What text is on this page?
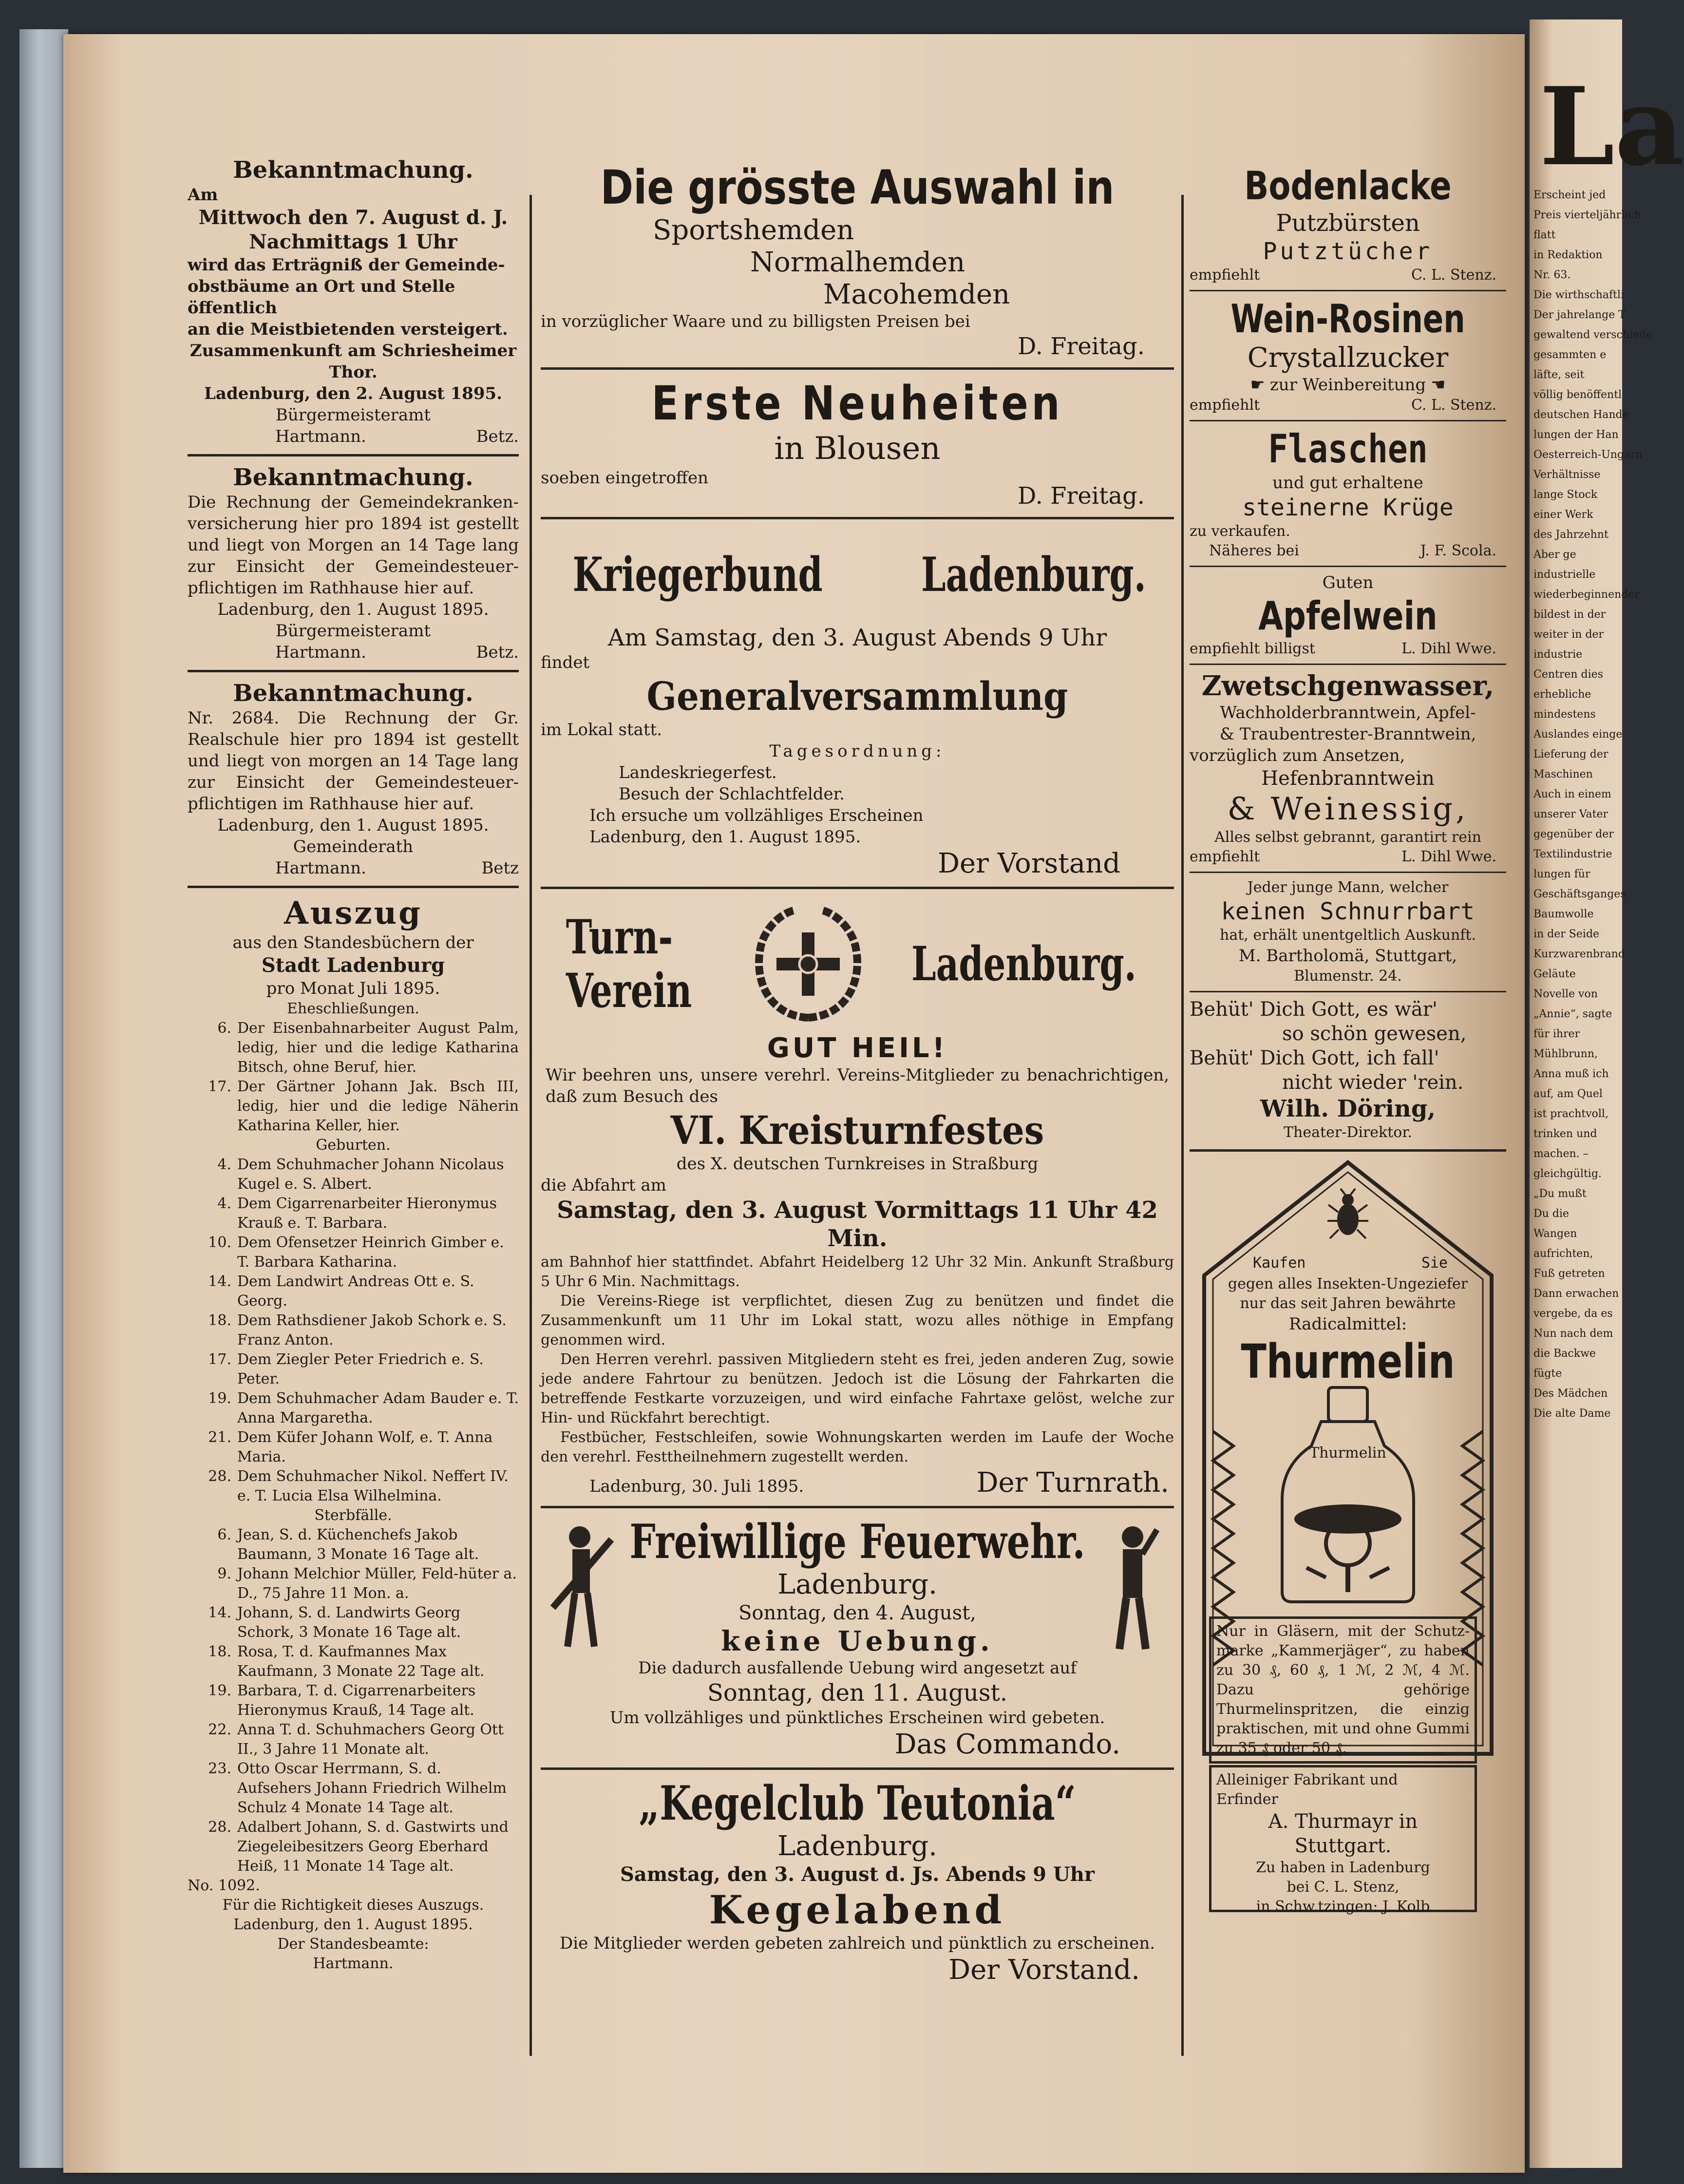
Bekanntmachung.

Am

Mittwoch den 7. August d. J.

Nachmittags 1 Uhr

wird das Erträgniß der Gemeinde-

obstbäume an Ort und Stelle öffentlich

an die Meistbietenden versteigert.

Zusammenkunft am Schriesheimer Thor.

Ladenburg, den 2. August 1895.

Bürgermeisteramt

Hartmann.	Betz.

Bekanntmachung.

Die Rechnung der Gemeindekranken-versicherung hier pro 1894 ist gestellt und liegt von Morgen an 14 Tage lang zur Einsicht der Gemeindesteuer-pflichtigen im Rathhause hier auf.

Ladenburg, den 1. August 1895.

Bürgermeisteramt

Hartmann.	Betz.

Bekanntmachung.

Nr. 2684. Die Rechnung der Gr. Realschule hier pro 1894 ist gestellt und liegt von morgen an 14 Tage lang zur Einsicht der Gemeindesteuer-pflichtigen im Rathhause hier auf.

Ladenburg, den 1. August 1895.

Gemeinderath

Hartmann.	Betz

Auszug

aus den Standesbüchern der

Stadt Ladenburg

pro Monat Juli 1895.

Eheschließungen.

6. Der Eisenbahnarbeiter August Palm, ledig, hier und die ledige Katharina Bitsch, ohne Beruf, hier.
17. Der Gärtner Johann Jak. Bsch III, ledig, hier und die ledige Näherin Katharina Keller, hier.

Geburten.

4. Dem Schuhmacher Johann Nicolaus Kugel e. S. Albert.
4. Dem Cigarrenarbeiter Hieronymus Krauß e. T. Barbara.
10. Dem Ofensetzer Heinrich Gimber e. T. Barbara Katharina.
14. Dem Landwirt Andreas Ott e. S. Georg.
18. Dem Rathsdiener Jakob Schork e. S. Franz Anton.
17. Dem Ziegler Peter Friedrich e. S. Peter.
19. Dem Schuhmacher Adam Bauder e. T. Anna Margaretha.
21. Dem Küfer Johann Wolf, e. T. Anna Maria.
28. Dem Schuhmacher Nikol. Neffert IV. e. T. Lucia Elsa Wilhelmina.

Sterbfälle.

6. Jean, S. d. Küchenchefs Jakob Baumann, 3 Monate 16 Tage alt.
9. Johann Melchior Müller, Feld-hüter a. D., 75 Jahre 11 Mon. a.
14. Johann, S. d. Landwirts Georg Schork, 3 Monate 16 Tage alt.
18. Rosa, T. d. Kaufmannes Max Kaufmann, 3 Monate 22 Tage alt.
19. Barbara, T. d. Cigarrenarbeiters Hieronymus Krauß, 14 Tage alt.
22. Anna T. d. Schuhmachers Georg Ott II., 3 Jahre 11 Monate alt.
23. Otto Oscar Herrmann, S. d. Aufsehers Johann Friedrich Wilhelm Schulz 4 Monate 14 Tage alt.
28. Adalbert Johann, S. d. Gastwirts und Ziegeleibesitzers Georg Eberhard Heiß, 11 Monate 14 Tage alt.

No. 1092.

Für die Richtigkeit dieses Auszugs.

Ladenburg, den 1. August 1895.

Der Standesbeamte:

Hartmann.

Die grösste Auswahl in

Sportshemden

Normalhemden

Macohemden

in vorzüglicher Waare und zu billigsten Preisen bei

D. Freitag.

Erste Neuheiten

in Blousen

soeben eingetroffen
D. Freitag.
Kriegerbund Ladenburg.

Am Samstag, den 3. August Abends 9 Uhr

findet

Generalversammlung

im Lokal statt.

Tagesordnung:

Landeskriegerfest.

Besuch der Schlachtfelder.

Ich ersuche um vollzähliges Erscheinen

Ladenburg, den 1. August 1895.

Der Vorstand

Turn-Verein	Ladenburg.

GUT HEIL!

Wir beehren uns, unsere verehrl. Vereins-Mitglieder zu benachrichtigen, daß zum Besuch des

VI. Kreisturnfestes

des X. deutschen Turnkreises in Straßburg

die Abfahrt am

Samstag, den 3. August Vormittags 11 Uhr 42 Min.

am Bahnhof hier stattfindet. Abfahrt Heidelberg 12 Uhr 32 Min. Ankunft Straßburg 5 Uhr 6 Min. Nachmittags.

Die Vereins-Riege ist verpflichtet, diesen Zug zu benützen und findet die Zusammenkunft um 11 Uhr im Lokal statt, wozu alles nöthige in Empfang genommen wird.

Den Herren verehrl. passiven Mitgliedern steht es frei, jeden anderen Zug, sowie jede andere Fahrtour zu benützen. Jedoch ist die Lösung der Fahrkarten die betreffende Festkarte vorzuzeigen, und wird einfache Fahrtaxe gelöst, welche zur Hin- und Rückfahrt berechtigt.

Festbücher, Festschleifen, sowie Wohnungskarten werden im Laufe der Woche den verehrl. Festtheilnehmern zugestellt werden.

Ladenburg, 30. Juli 1895.	Der Turnrath.

Freiwillige Feuerwehr.

Ladenburg.

Sonntag, den 4. August,

keine Uebung.

Die dadurch ausfallende Uebung wird angesetzt auf

Sonntag, den 11. August.

Um vollzähliges und pünktliches Erscheinen wird gebeten.

Das Commando.

„Kegelclub Teutonia“

Ladenburg.

Samstag, den 3. August d. Js. Abends 9 Uhr

Kegelabend

Die Mitglieder werden gebeten zahlreich und pünktlich zu erscheinen.

Der Vorstand.

Bodenlacke

Putzbürsten

Putztücher

empfiehlt	C. L. Stenz.

Wein-Rosinen

Crystallzucker

☛ zur Weinbereitung ☚
empfiehlt	C. L. Stenz.

Flaschen

und gut erhaltene

steinerne Krüge

zu verkaufen.

Näheres bei	J. F. Scola.

Guten

Apfelwein

empfiehlt billigst	L. Dihl Wwe.

Zwetschgenwasser,

Wachholderbranntwein, Apfel-

& Traubentrester-Branntwein,

vorzüglich zum Ansetzen,

Hefenbranntwein

& Weinessig,

Alles selbst gebrannt, garantirt rein

empfiehlt	L. Dihl Wwe.

Jeder junge Mann, welcher

keinen Schnurrbart

hat, erhält unentgeltlich Auskunft.

M. Bartholomä, Stuttgart,

Blumenstr. 24.

Behüt' Dich Gott, es wär'

so schön gewesen,

Behüt' Dich Gott, ich fall'

nicht wieder 'rein.

Wilh. Döring,

Theater-Direktor.

Kaufen	Sie

gegen alles Insekten-Ungeziefer

nur das seit Jahren bewährte

Radicalmittel:

Thurmelin

Thurmelin

Nur in Gläsern, mit der Schutz-marke „Kammerjäger“, zu haben zu 30 ₰, 60 ₰, 1 ℳ, 2 ℳ, 4 ℳ. Dazu gehörige Thurmelinspritzen, die einzig praktischen, mit und ohne Gummi zu 35 ₰ oder 50 ₰.

Alleiniger Fabrikant und

Erfinder

A. Thurmayr in

Stuttgart.

Zu haben in Ladenburg

bei C. L. Stenz,

in Schw.tzingen: J. Kolb

La

Erscheint jed

Preis vierteljährlich

flatt

in Redaktion

Nr. 63.

Die wirthschaftli

Der jahrelange T

gewaltend verschiede

gesammten e

läfte, seit

völlig benöffentl

deutschen Hande

lungen der Han

Oesterreich-Ungarn

Verhältnisse

lange Stock

einer Werk

des Jahrzehnt

Aber ge

industrielle

wiederbeginnender

bildest in der

weiter in der

industrie

Centren dies

erhebliche

mindestens

Auslandes einge

Lieferung der

Maschinen

Auch in einem

unserer Vater

gegenüber der

Textilindustrie

lungen für

Geschäftsganges

Baumwolle

in der Seide

Kurzwarenbrand

Geläute

Novelle von

„Annie“, sagte

für ihrer

Mühlbrunn,

Anna muß ich

auf, am Quel

ist prachtvoll,

trinken und

machen. –

gleichgültig.

„Du mußt

Du die

Wangen

aufrichten,

Fuß getreten

Dann erwachen

vergebe, da es

Nun nach dem

die Backwe

fügte

Des Mädchen

Die alte Dame
